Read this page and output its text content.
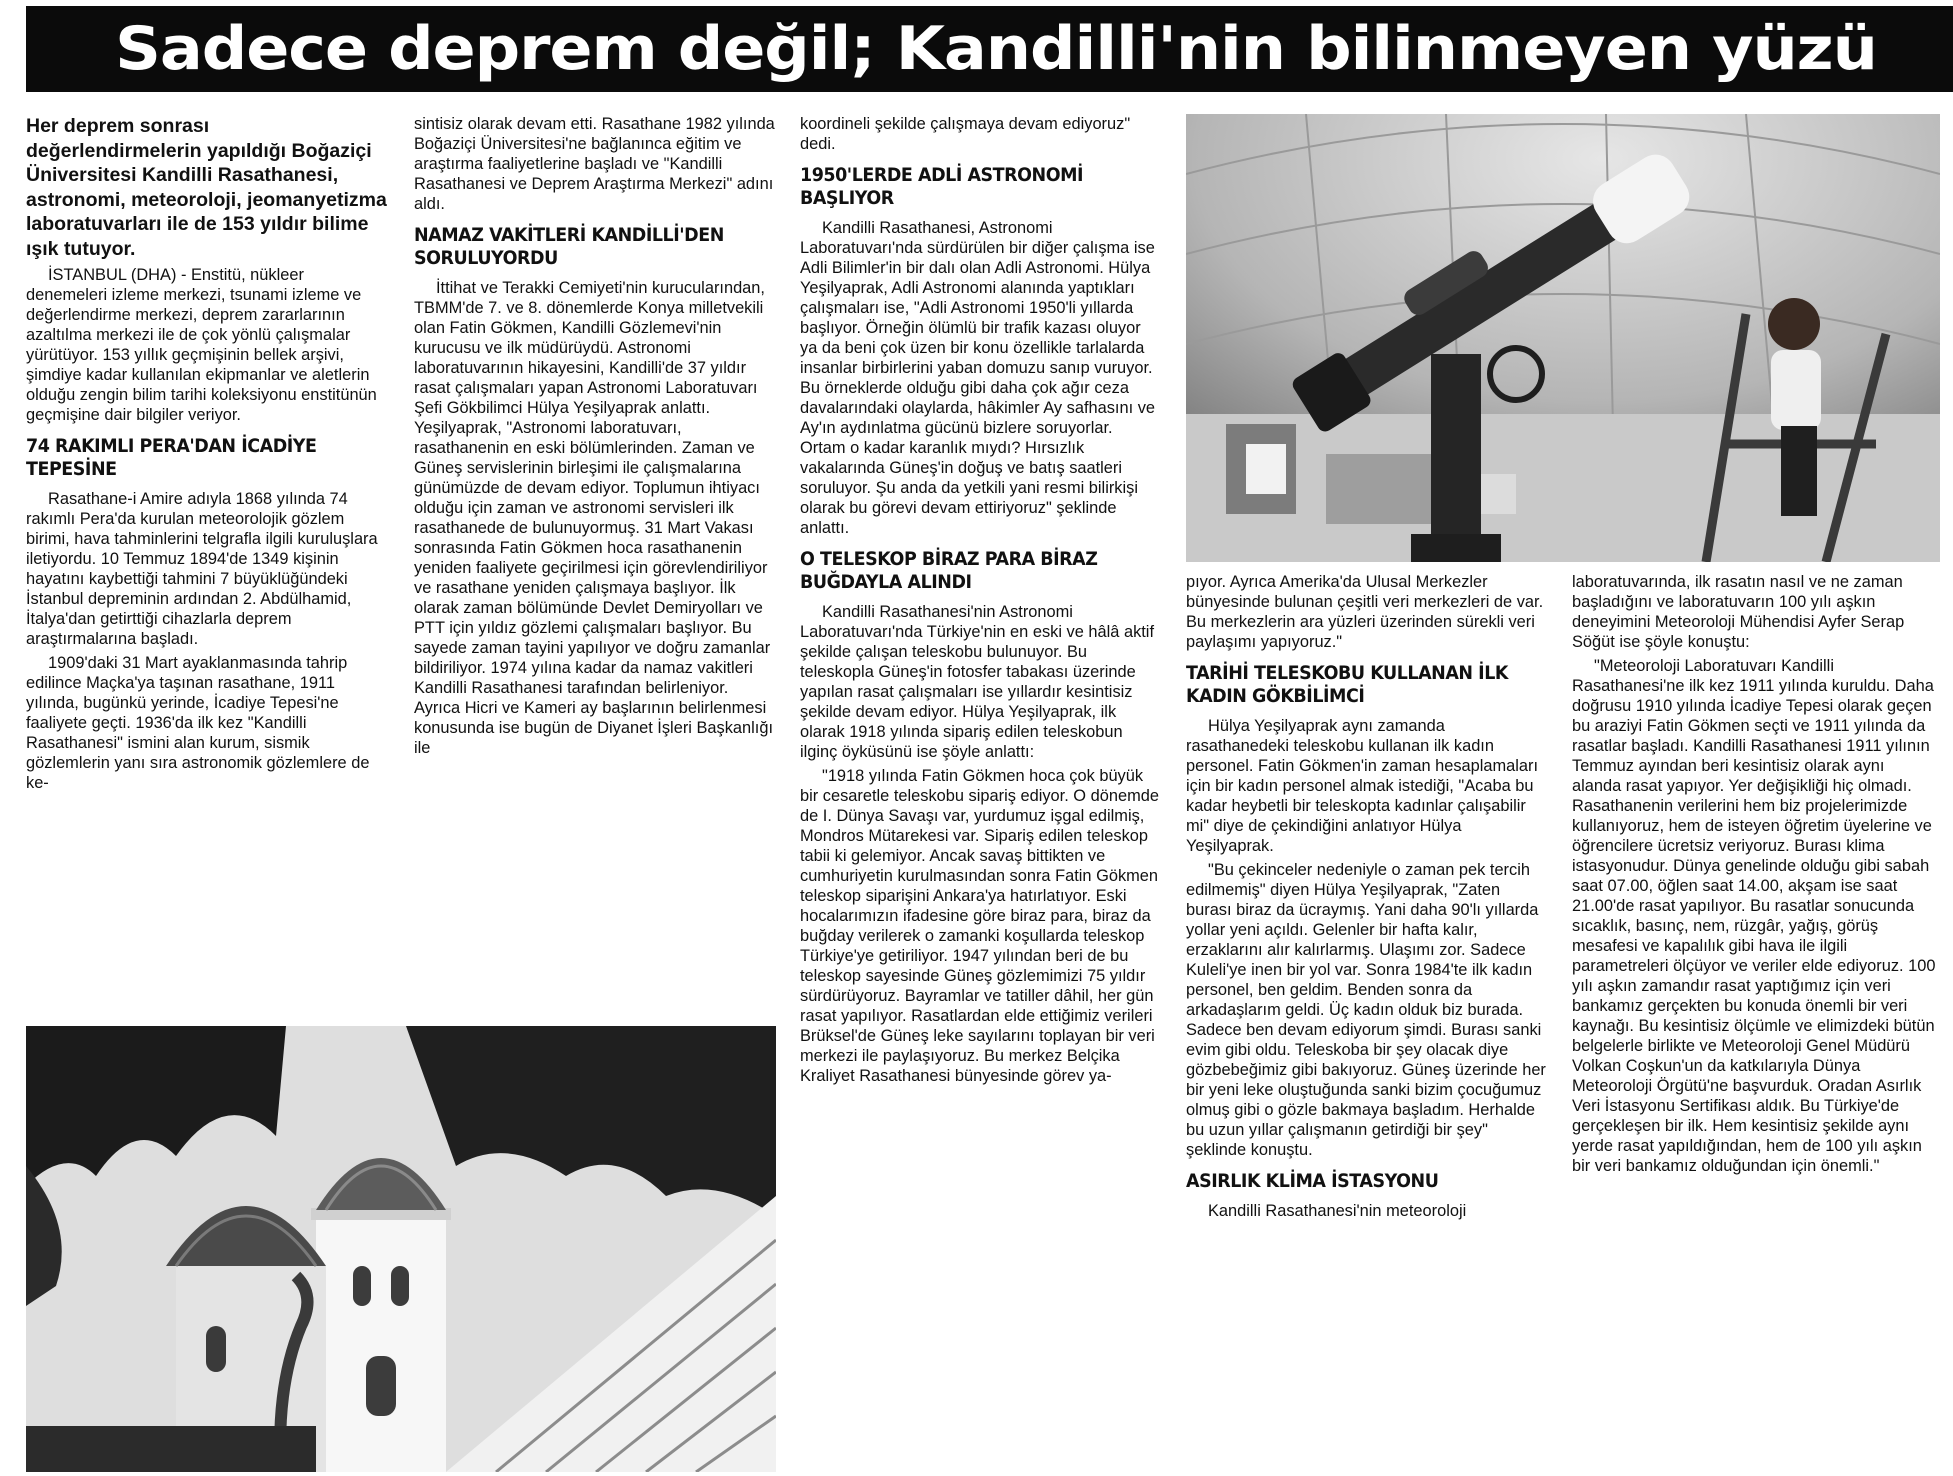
Sadece deprem değil; Kandilli'nin bilinmeyen yüzü

Her deprem sonrası değerlendirmelerin yapıldığı Boğaziçi Üniversitesi Kandilli Rasathanesi, astronomi, meteoroloji, jeomanyetizma laboratuvarları ile de 153 yıldır bilime ışık tutuyor.

İSTANBUL (DHA) - Enstitü, nükleer denemeleri izleme merkezi, tsunami izleme ve değerlendirme merkezi, deprem zararlarının azaltılma merkezi ile de çok yönlü çalışmalar yürütüyor. 153 yıllık geçmişinin bellek arşivi, şimdiye kadar kullanılan ekipmanlar ve aletlerin olduğu zengin bilim tarihi koleksiyonu enstitünün geçmişine dair bilgiler veriyor.

74 RAKIMLI PERA'DAN İCADİYE TEPESİNE

Rasathane-i Amire adıyla 1868 yılında 74 rakımlı Pera'da kurulan meteorolojik gözlem birimi, hava tahminlerini telgrafla ilgili kuruluşlara iletiyordu. 10 Temmuz 1894'de 1349 kişinin hayatını kaybettiği tahmini 7 büyüklüğündeki İstanbul depreminin ardından 2. Abdülhamid, İtalya'dan getirttiği cihazlarla deprem araştırmalarına başladı.

1909'daki 31 Mart ayaklanmasında tahrip edilince Maçka'ya taşınan rasathane, 1911 yılında, bugünkü yerinde, İcadiye Tepesi'ne faaliyete geçti. 1936'da ilk kez "Kandilli Rasathanesi" ismini alan kurum, sismik gözlemlerin yanı sıra astronomik gözlemlere de ke-

sintisiz olarak devam etti. Rasathane 1982 yılında Boğaziçi Üniversitesi'ne bağlanınca eğitim ve araştırma faaliyetlerine başladı ve "Kandilli Rasathanesi ve Deprem Araştırma Merkezi" adını aldı.

NAMAZ VAKİTLERİ KANDİLLİ'DEN SORULUYORDU

İttihat ve Terakki Cemiyeti'nin kurucularından, TBMM'de 7. ve 8. dönemlerde Konya milletvekili olan Fatin Gökmen, Kandilli Gözlemevi'nin kurucusu ve ilk müdürüydü. Astronomi laboratuvarının hikayesini, Kandilli'de 37 yıldır rasat çalışmaları yapan Astronomi Laboratuvarı Şefi Gökbilimci Hülya Yeşilyaprak anlattı. Yeşilyaprak, "Astronomi laboratuvarı, rasathanenin en eski bölümlerinden. Zaman ve Güneş servislerinin birleşimi ile çalışmalarına günümüzde de devam ediyor. Toplumun ihtiyacı olduğu için zaman ve astronomi servisleri ilk rasathanede de bulunuyormuş. 31 Mart Vakası sonrasında Fatin Gökmen hoca rasathanenin yeniden faaliyete geçirilmesi için görevlendiriliyor ve rasathane yeniden çalışmaya başlıyor. İlk olarak zaman bölümünde Devlet Demiryolları ve PTT için yıldız gözlemi çalışmaları başlıyor. Bu sayede zaman tayini yapılıyor ve doğru zamanlar bildiriliyor. 1974 yılına kadar da namaz vakitleri Kandilli Rasathanesi tarafından belirleniyor. Ayrıca Hicri ve Kameri ay başlarının belirlenmesi konusunda ise bugün de Diyanet İşleri Başkanlığı ile

koordineli şekilde çalışmaya devam ediyoruz" dedi.

1950'LERDE ADLİ ASTRONOMİ BAŞLIYOR

Kandilli Rasathanesi, Astronomi Laboratuvarı'nda sürdürülen bir diğer çalışma ise Adli Bilimler'in bir dalı olan Adli Astronomi. Hülya Yeşilyaprak, Adli Astronomi alanında yaptıkları çalışmaları ise, "Adli Astronomi 1950'li yıllarda başlıyor. Örneğin ölümlü bir trafik kazası oluyor ya da beni çok üzen bir konu özellikle tarlalarda insanlar birbirlerini yaban domuzu sanıp vuruyor. Bu örneklerde olduğu gibi daha çok ağır ceza davalarındaki olaylarda, hâkimler Ay safhasını ve Ay'ın aydınlatma gücünü bizlere soruyorlar. Ortam o kadar karanlık mıydı? Hırsızlık vakalarında Güneş'in doğuş ve batış saatleri soruluyor. Şu anda da yetkili yani resmi bilirkişi olarak bu görevi devam ettiriyoruz" şeklinde anlattı.

O TELESKOP BİRAZ PARA BİRAZ BUĞDAYLA ALINDI

Kandilli Rasathanesi'nin Astronomi Laboratuvarı'nda Türkiye'nin en eski ve hâlâ aktif şekilde çalışan teleskobu bulunuyor. Bu teleskopla Güneş'in fotosfer tabakası üzerinde yapılan rasat çalışmaları ise yıllardır kesintisiz şekilde devam ediyor. Hülya Yeşilyaprak, ilk olarak 1918 yılında sipariş edilen teleskobun ilginç öyküsünü ise şöyle anlattı:

"1918 yılında Fatin Gökmen hoca çok büyük bir cesaretle teleskobu sipariş ediyor. O dönemde de I. Dünya Savaşı var, yurdumuz işgal edilmiş, Mondros Mütarekesi var. Sipariş edilen teleskop tabii ki gelemiyor. Ancak savaş bittikten ve cumhuriyetin kurulmasından sonra Fatin Gökmen teleskop siparişini Ankara'ya hatırlatıyor. Eski hocalarımızın ifadesine göre biraz para, biraz da buğday verilerek o zamanki koşullarda teleskop Türkiye'ye getiriliyor. 1947 yılından beri de bu teleskop sayesinde Güneş gözlemimizi 75 yıldır sürdürüyoruz. Bayramlar ve tatiller dâhil, her gün rasat yapılıyor. Rasatlardan elde ettiğimiz verileri Brüksel'de Güneş leke sayılarını toplayan bir veri merkezi ile paylaşıyoruz. Bu merkez Belçika Kraliyet Rasathanesi bünyesinde görev ya-

pıyor. Ayrıca Amerika'da Ulusal Merkezler bünyesinde bulunan çeşitli veri merkezleri de var. Bu merkezlerin ara yüzleri üzerinden sürekli veri paylaşımı yapıyoruz."

TARİHİ TELESKOBU KULLANAN İLK KADIN GÖKBİLİMCİ

Hülya Yeşilyaprak aynı zamanda rasathanedeki teleskobu kullanan ilk kadın personel. Fatin Gökmen'in zaman hesaplamaları için bir kadın personel almak istediği, "Acaba bu kadar heybetli bir teleskopta kadınlar çalışabilir mi" diye de çekindiğini anlatıyor Hülya Yeşilyaprak.

"Bu çekinceler nedeniyle o zaman pek tercih edilmemiş" diyen Hülya Yeşilyaprak, "Zaten burası biraz da ücraymış. Yani daha 90'lı yıllarda yollar yeni açıldı. Gelenler bir hafta kalır, erzaklarını alır kalırlarmış. Ulaşımı zor. Sadece Kuleli'ye inen bir yol var. Sonra 1984'te ilk kadın personel, ben geldim. Benden sonra da arkadaşlarım geldi. Üç kadın olduk biz burada. Sadece ben devam ediyorum şimdi. Burası sanki evim gibi oldu. Teleskoba bir şey olacak diye gözbebeğimiz gibi bakıyoruz. Güneş üzerinde her bir yeni leke oluştuğunda sanki bizim çocuğumuz olmuş gibi o gözle bakmaya başladım. Herhalde bu uzun yıllar çalışmanın getirdiği bir şey" şeklinde konuştu.

ASIRLIK KLİMA İSTASYONU

Kandilli Rasathanesi'nin meteoroloji

laboratuvarında, ilk rasatın nasıl ve ne zaman başladığını ve laboratuvarın 100 yılı aşkın deneyimini Meteoroloji Mühendisi Ayfer Serap Söğüt ise şöyle konuştu:

"Meteoroloji Laboratuvarı Kandilli Rasathanesi'ne ilk kez 1911 yılında kuruldu. Daha doğrusu 1910 yılında İcadiye Tepesi olarak geçen bu araziyi Fatin Gökmen seçti ve 1911 yılında da rasatlar başladı. Kandilli Rasathanesi 1911 yılının Temmuz ayından beri kesintisiz olarak aynı alanda rasat yapıyor. Yer değişikliği hiç olmadı. Rasathanenin verilerini hem biz projelerimizde kullanıyoruz, hem de isteyen öğretim üyelerine ve öğrencilere ücretsiz veriyoruz. Burası klima istasyonudur. Dünya genelinde olduğu gibi sabah saat 07.00, öğlen saat 14.00, akşam ise saat 21.00'de rasat yapılıyor. Bu rasatlar sonucunda sıcaklık, basınç, nem, rüzgâr, yağış, görüş mesafesi ve kapalılık gibi hava ile ilgili parametreleri ölçüyor ve veriler elde ediyoruz. 100 yılı aşkın zamandır rasat yaptığımız için veri bankamız gerçekten bu konuda önemli bir veri kaynağı. Bu kesintisiz ölçümle ve elimizdeki bütün belgelerle birlikte ve Meteoroloji Genel Müdürü Volkan Coşkun'un da katkılarıyla Dünya Meteoroloji Örgütü'ne başvurduk. Oradan Asırlık Veri İstasyonu Sertifikası aldık. Bu Türkiye'de gerçekleşen bir ilk. Hem kesintisiz şekilde aynı yerde rasat yapıldığından, hem de 100 yılı aşkın bir veri bankamız olduğundan için önemli."
